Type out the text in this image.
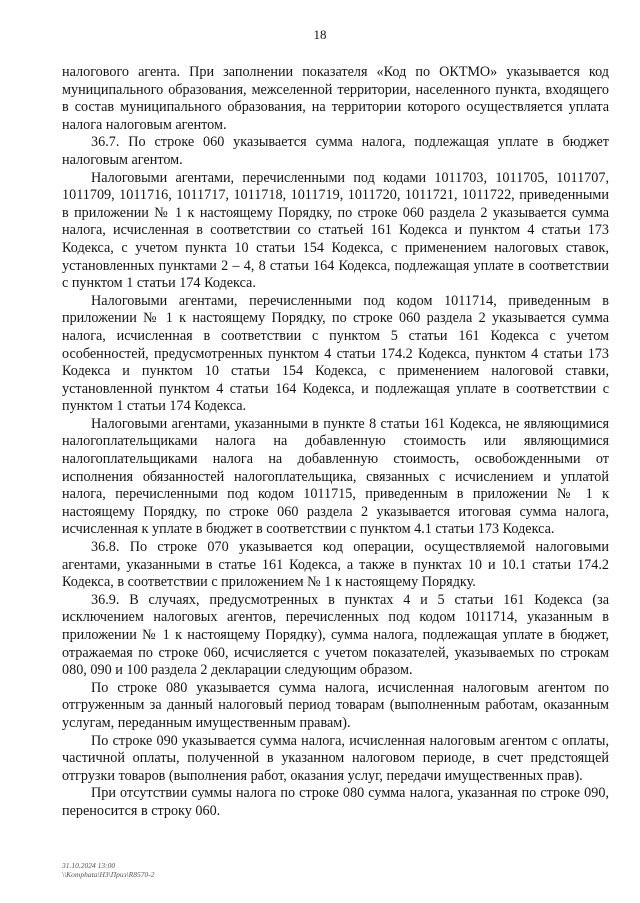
18

налогового агента. При заполнении показателя «Код по ОКТМО» указывается код муниципального образования, межселенной территории, населенного пункта, входящего в состав муниципального образования, на территории которого осуществляется уплата налога налоговым агентом.

36.7. По строке 060 указывается сумма налога, подлежащая уплате в бюджет налоговым агентом.

Налоговыми агентами, перечисленными под кодами 1011703, 1011705, 1011707, 1011709, 1011716, 1011717, 1011718, 1011719, 1011720, 1011721, 1011722, приведенными в приложении № 1 к настоящему Порядку, по строке 060 раздела 2 указывается сумма налога, исчисленная в соответствии со статьей 161 Кодекса и пунктом 4 статьи 173 Кодекса, с учетом пункта 10 статьи 154 Кодекса, с применением налоговых ставок, установленных пунктами 2 – 4, 8 статьи 164 Кодекса, подлежащая уплате в соответствии с пунктом 1 статьи 174 Кодекса.

Налоговыми агентами, перечисленными под кодом 1011714, приведенным в приложении № 1 к настоящему Порядку, по строке 060 раздела 2 указывается сумма налога, исчисленная в соответствии с пунктом 5 статьи 161 Кодекса с учетом особенностей, предусмотренных пунктом 4 статьи 174.2 Кодекса, пунктом 4 статьи 173 Кодекса и пунктом 10 статьи 154 Кодекса, с применением налоговой ставки, установленной пунктом 4 статьи 164 Кодекса, и подлежащая уплате в соответствии с пунктом 1 статьи 174 Кодекса.

Налоговыми агентами, указанными в пункте 8 статьи 161 Кодекса, не являющимися налогоплательщиками налога на добавленную стоимость или являющимися налогоплательщиками налога на добавленную стоимость, освобожденными от исполнения обязанностей налогоплательщика, связанных с исчислением и уплатой налога, перечисленными под кодом 1011715, приведенным в приложении № 1 к настоящему Порядку, по строке 060 раздела 2 указывается итоговая сумма налога, исчисленная к уплате в бюджет в соответствии с пунктом 4.1 статьи 173 Кодекса.

36.8. По строке 070 указывается код операции, осуществляемой налоговыми агентами, указанными в статье 161 Кодекса, а также в пунктах 10 и 10.1 статьи 174.2 Кодекса, в соответствии с приложением № 1 к настоящему Порядку.

36.9. В случаях, предусмотренных в пунктах 4 и 5 статьи 161 Кодекса (за исключением налоговых агентов, перечисленных под кодом 1011714, указанным в приложении № 1 к настоящему Порядку), сумма налога, подлежащая уплате в бюджет, отражаемая по строке 060, исчисляется с учетом показателей, указываемых по строкам 080, 090 и 100 раздела 2 декларации следующим образом.

По строке 080 указывается сумма налога, исчисленная налоговым агентом по отгруженным за данный налоговый период товарам (выполненным работам, оказанным услугам, переданным имущественным правам).

По строке 090 указывается сумма налога, исчисленная налоговым агентом с оплаты, частичной оплаты, полученной в указанном налоговом периоде, в счет предстоящей отгрузки товаров (выполнения работ, оказания услуг, передачи имущественных прав).

При отсутствии суммы налога по строке 080 сумма налога, указанная по строке 090, переносится в строку 060.

31.10.2024 13:00
\\Komphata\НЗ\Приз\R8570-2
